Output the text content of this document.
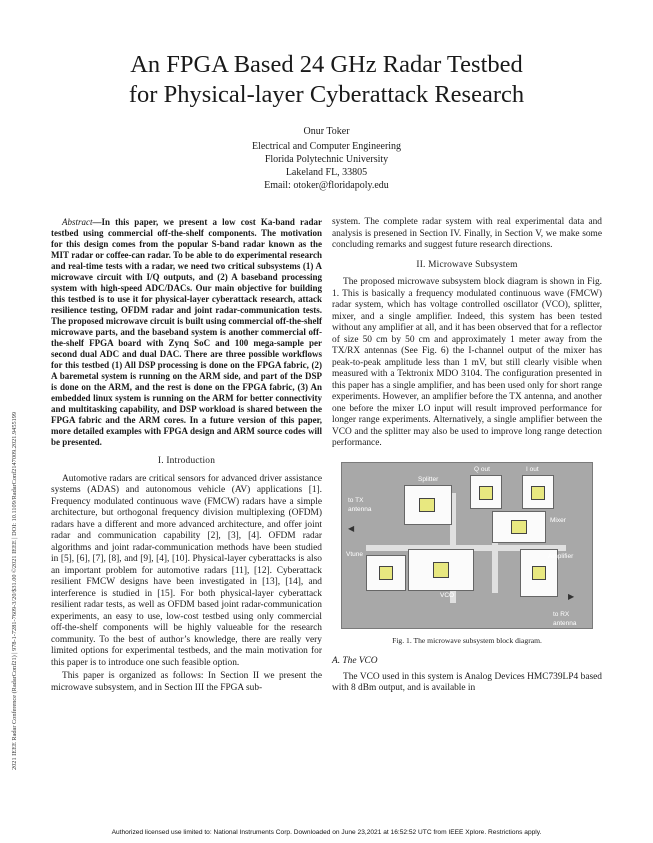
2021 IEEE Radar Conference (RadarConf21) | 978-1-7281-7609-3/20/$31.00 ©2021 IEEE | DOI: 10.1109/RadarConf2147009.2021.9455199
An FPGA Based 24 GHz Radar Testbed
for Physical-layer Cyberattack Research
Onur Toker
Electrical and Computer Engineering
Florida Polytechnic University
Lakeland FL, 33805
Email: otoker@floridapoly.edu
Abstract—In this paper, we present a low cost Ka-band radar testbed using commercial off-the-shelf components. The motivation for this design comes from the popular S-band radar known as the MIT radar or coffee-can radar. To be able to do experimental research and real-time tests with a radar, we need two critical subsystems (1) A microwave circuit with I/Q outputs, and (2) A baseband processing system with high-speed ADC/DACs. Our main objective for building this testbed is to use it for physical-layer cyberattack research, attack resilience testing, OFDM radar and joint radar-communication tests. The proposed microwave circuit is built using commercial off-the-shelf microwave parts, and the baseband system is another commercial off-the-shelf FPGA board with Zynq SoC and 100 mega-sample per second dual ADC and dual DAC. There are three possible workflows for this testbed (1) All DSP processing is done on the FPGA fabric, (2) A baremetal system is running on the ARM side, and part of the DSP is done on the ARM, and the rest is done on the FPGA fabric, (3) An embedded linux system is running on the ARM for better connectivity and multitasking capability, and DSP workload is shared between the FPGA fabric and the ARM cores. In a future version of this paper, more detailed examples with FPGA design and ARM source codes will be presented.
I. Introduction

Automotive radars are critical sensors for advanced driver assistance systems (ADAS) and autonomous vehicle (AV) applications [1]. Frequency modulated continuous wave (FMCW) radars have a simple architecture, but orthogonal frequency division multiplexing (OFDM) radars have a different and more advanced architecture, and offer joint radar and communication capability [2], [3], [4]. OFDM radar algorithms and joint radar-communication methods have been studied in [5], [6], [7], [8], and [9], [4], [10]. Physical-layer cyberattacks is also an important problem for automotive radars [11], [12]. Cyberattack resilient FMCW designs have been investigated in [13], [14], and interference is studied in [15]. For both physical-layer cyberattack resilient radar tests, as well as OFDM based joint radar-communication experiments, an easy to use, low-cost testbed using only commercial off-the-shelf components will be highly valueable for the research community. To the best of author’s knowledge, there are really very limited options for experimental testbeds, and the main motivation for this paper is to introduce one such feasible option.

This paper is organized as follows: In Section II we present the microwave subsystem, and in Section III the FPGA sub-

system. The complete radar system with real experimental data and analysis is presened in Section IV. Finally, in Section V, we make some concluding remarks and suggest future research directions.

II. Microwave Subsystem

The proposed microwave subsystem block diagram is shown in Fig. 1. This is basically a frequency modulated continuous wave (FMCW) radar system, which has voltage controlled oscillator (VCO), splitter, mixer, and a single amplifier. Indeed, this system has been tested without any amplifier at all, and it has been observed that for a reflector of size 50 cm by 50 cm and approximately 1 meter away from the TX/RX antennas (See Fig. 6) the I-channel output of the mixer has peak-to-peak amplitude less than 1 mV, but still clearly visible when measured with a Tektronix MDO 3104. The configuration presented in this paper has a single amplifier, and has been used only for short range experiments. However, an amplifier before the TX antenna, and another one before the mixer LO input will result improved performance for longer range experiments. Alternatively, a single amplifier between the VCO and the splitter may also be used to improve long range detection performance.

◀
▶
Q out	I out
Splitter
to TX
antenna
Mixer
Vtune
VCO
Amplifier
to RX
antenna
Fig. 1. The microwave subsystem block diagram.
A. The VCO

The VCO used in this system is Analog Devices HMC739LP4 based with 8 dBm output, and is available in

Authorized licensed use limited to: National Instruments Corp. Downloaded on June 23,2021 at 16:52:52 UTC from IEEE Xplore. Restrictions apply.
